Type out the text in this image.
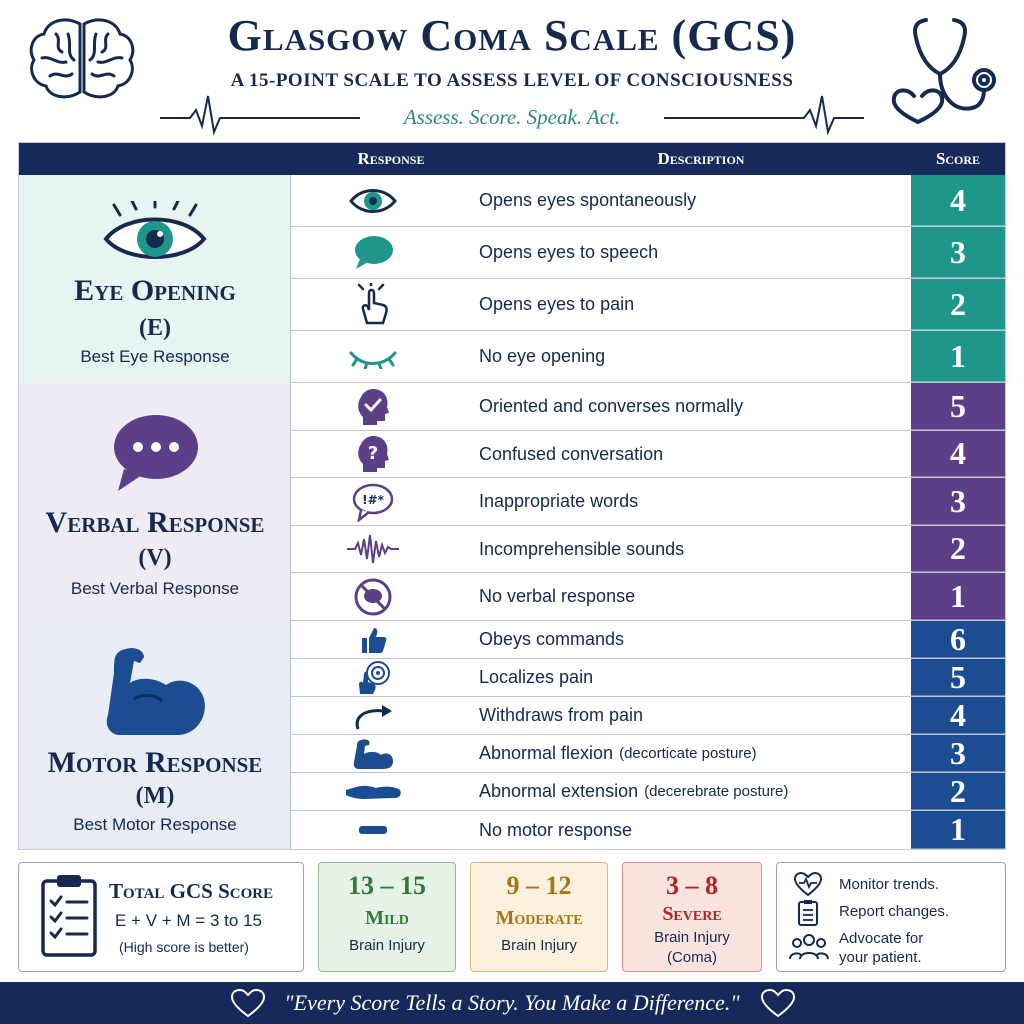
Glasgow Coma Scale (GCS)
A 15-POINT SCALE TO ASSESS LEVEL OF CONSCIOUSNESS
Assess. Score. Speak. Act.
Response	Description	Score
Eye Opening
(E)
Best Eye Response
Opens eyes spontaneously	4
Opens eyes to speech	3
Opens eyes to pain	2
No eye opening	1
Verbal Response
(V)
Best Verbal Response
Oriented and converses normally	5
?	Confused conversation	4
!#*	Inappropriate words	3
Incomprehensible sounds	2
No verbal response	1
Motor Response
(M)
Best Motor Response
Obeys commands	6
Localizes pain	5
Withdraws from pain	4
Abnormal flexion (decorticate posture)	3
Abnormal extension (decerebrate posture)	2
No motor response	1
Total GCS Score
E + V + M = 3 to 15
(High score is better)
13 – 15
Mild
Brain Injury
9 – 12
Moderate
Brain Injury
3 – 8
Severe
Brain Injury
(Coma)
Monitor trends.
Report changes.
Advocate for
your patient.
"Every Score Tells a Story. You Make a Difference."
